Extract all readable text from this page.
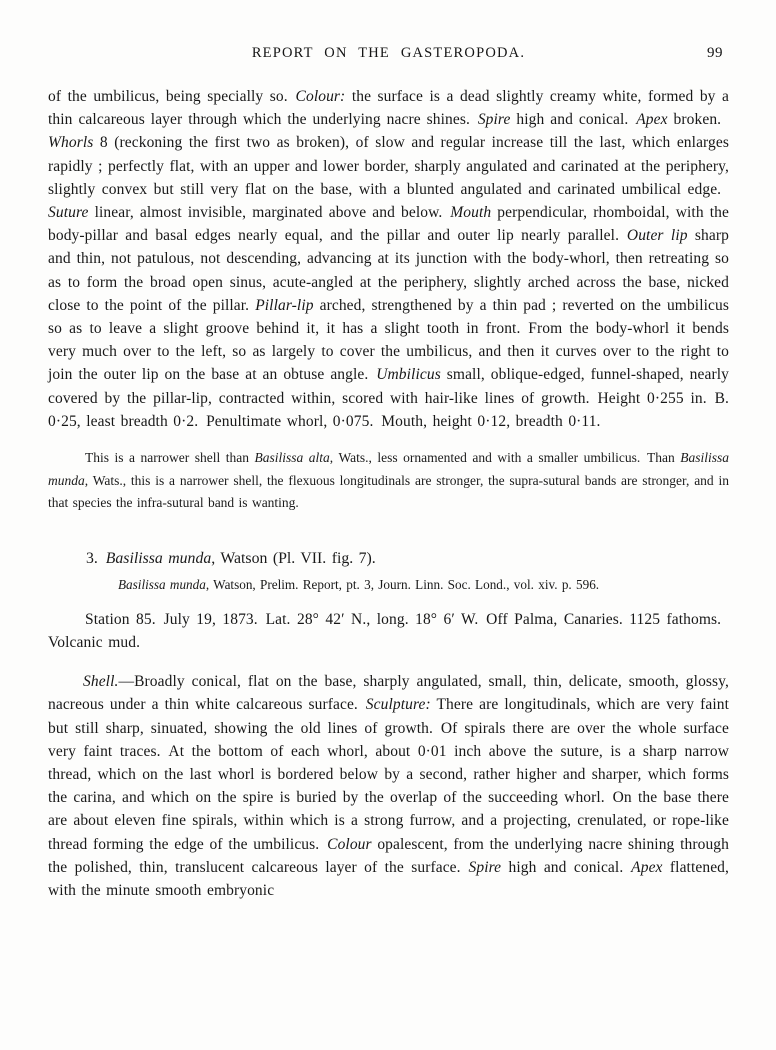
REPORT ON THE GASTEROPODA.	99

of the umbilicus, being specially so. Colour: the surface is a dead slightly creamy white, formed by a thin calcareous layer through which the underlying nacre shines. Spire high and conical. Apex broken. Whorls 8 (reckoning the first two as broken), of slow and regular increase till the last, which enlarges rapidly ; perfectly flat, with an upper and lower border, sharply angulated and carinated at the periphery, slightly convex but still very flat on the base, with a blunted angulated and carinated umbilical edge. Suture linear, almost invisible, marginated above and below. Mouth perpendicular, rhomboidal, with the body-pillar and basal edges nearly equal, and the pillar and outer lip nearly parallel. Outer lip sharp and thin, not patulous, not descending, advancing at its junction with the body-whorl, then retreating so as to form the broad open sinus, acute-angled at the periphery, slightly arched across the base, nicked close to the point of the pillar. Pillar-lip arched, strengthened by a thin pad ; reverted on the umbilicus so as to leave a slight groove behind it, it has a slight tooth in front. From the body-whorl it bends very much over to the left, so as largely to cover the umbilicus, and then it curves over to the right to join the outer lip on the base at an obtuse angle. Umbilicus small, oblique-edged, funnel-shaped, nearly covered by the pillar-lip, contracted within, scored with hair-like lines of growth. Height 0·255 in. B. 0·25, least breadth 0·2. Penultimate whorl, 0·075. Mouth, height 0·12, breadth 0·11.

This is a narrower shell than Basilissa alta, Wats., less ornamented and with a smaller umbilicus. Than Basilissa munda, Wats., this is a narrower shell, the flexuous longitudinals are stronger, the supra-sutural bands are stronger, and in that species the infra-sutural band is wanting.

3. Basilissa munda, Watson (Pl. VII. fig. 7).

Basilissa munda, Watson, Prelim. Report, pt. 3, Journ. Linn. Soc. Lond., vol. xiv. p. 596.

Station 85. July 19, 1873. Lat. 28° 42′ N., long. 18° 6′ W. Off Palma, Canaries. 1125 fathoms. Volcanic mud.

Shell.—Broadly conical, flat on the base, sharply angulated, small, thin, delicate, smooth, glossy, nacreous under a thin white calcareous surface. Sculpture: There are longitudinals, which are very faint but still sharp, sinuated, showing the old lines of growth. Of spirals there are over the whole surface very faint traces. At the bottom of each whorl, about 0·01 inch above the suture, is a sharp narrow thread, which on the last whorl is bordered below by a second, rather higher and sharper, which forms the carina, and which on the spire is buried by the overlap of the succeeding whorl. On the base there are about eleven fine spirals, within which is a strong furrow, and a projecting, crenulated, or rope-like thread forming the edge of the umbilicus. Colour opalescent, from the underlying nacre shining through the polished, thin, translucent calcareous layer of the surface. Spire high and conical. Apex flattened, with the minute smooth embryonic
